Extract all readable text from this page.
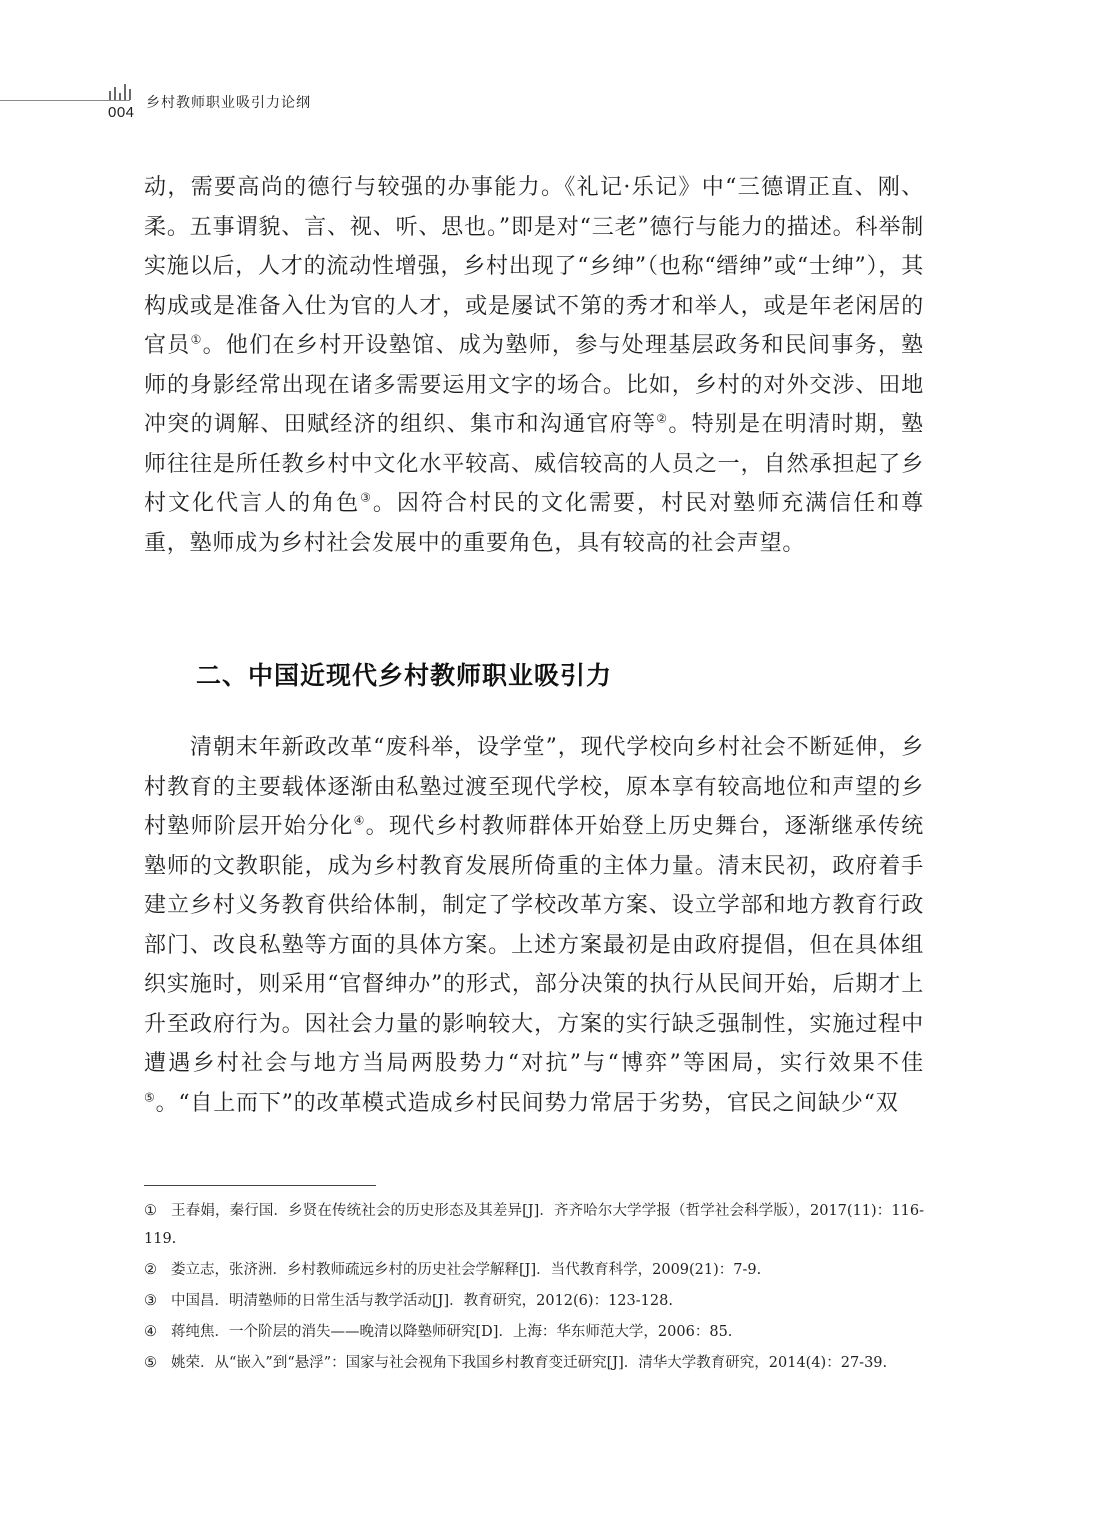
004
乡村教师职业吸引力论纲

动，需要高尚的德行与较强的办事能力。《礼记·乐记》中“三德谓正直、刚、柔。五事谓貌、言、视、听、思也。”即是对“三老”德行与能力的描述。科举制实施以后，人才的流动性增强，乡村出现了“乡绅”（也称“缙绅”或“士绅”），其构成或是准备入仕为官的人才，或是屡试不第的秀才和举人，或是年老闲居的官员①。他们在乡村开设塾馆、成为塾师，参与处理基层政务和民间事务，塾师的身影经常出现在诸多需要运用文字的场合。比如，乡村的对外交涉、田地冲突的调解、田赋经济的组织、集市和沟通官府等②。特别是在明清时期，塾师往往是所任教乡村中文化水平较高、威信较高的人员之一，自然承担起了乡村文化代言人的角色③。因符合村民的文化需要，村民对塾师充满信任和尊重，塾师成为乡村社会发展中的重要角色，具有较高的社会声望。

二、中国近现代乡村教师职业吸引力

清朝末年新政改革“废科举，设学堂”，现代学校向乡村社会不断延伸，乡村教育的主要载体逐渐由私塾过渡至现代学校，原本享有较高地位和声望的乡村塾师阶层开始分化④。现代乡村教师群体开始登上历史舞台，逐渐继承传统塾师的文教职能，成为乡村教育发展所倚重的主体力量。清末民初，政府着手建立乡村义务教育供给体制，制定了学校改革方案、设立学部和地方教育行政部门、改良私塾等方面的具体方案。上述方案最初是由政府提倡，但在具体组织实施时，则采用“官督绅办”的形式，部分决策的执行从民间开始，后期才上升至政府行为。因社会力量的影响较大，方案的实行缺乏强制性，实施过程中遭遇乡村社会与地方当局两股势力“对抗”与“博弈”等困局，实行效果不佳⑤。“自上而下”的改革模式造成乡村民间势力常居于劣势，官民之间缺少“双

① 王春娟，秦行国．乡贤在传统社会的历史形态及其差异[J]．齐齐哈尔大学学报（哲学社会科学版），2017(11)：116-119.
② 娄立志，张济洲．乡村教师疏远乡村的历史社会学解释[J]．当代教育科学，2009(21)：7-9.
③ 中国昌．明清塾师的日常生活与教学活动[J]．教育研究，2012(6)：123-128.
④ 蒋纯焦．一个阶层的消失——晚清以降塾师研究[D]．上海：华东师范大学，2006：85.
⑤ 姚荣．从“嵌入”到“悬浮”：国家与社会视角下我国乡村教育变迁研究[J]．清华大学教育研究，2014(4)：27-39.
